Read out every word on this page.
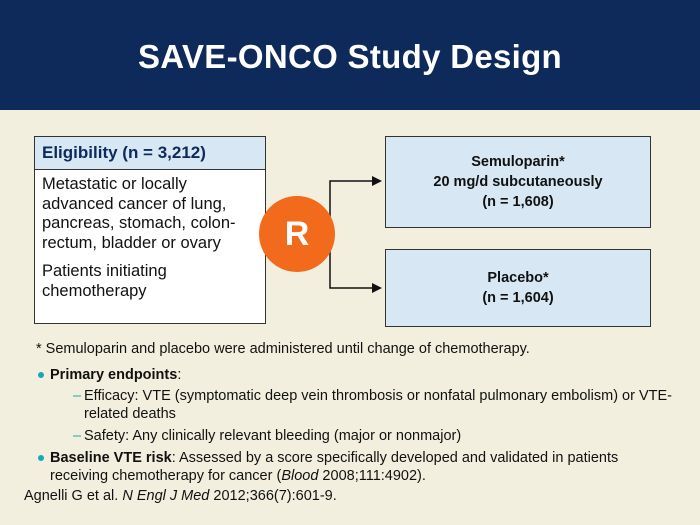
SAVE-ONCO Study Design
Eligibility (n = 3,212)

Metastatic or locally advanced cancer of lung, pancreas, stomach, colon-rectum, bladder or ovary

Patients initiating chemotherapy

R
Semuloparin*
20 mg/d subcutaneously
(n = 1,608)
Placebo*
(n = 1,604)
* Semuloparin and placebo were administered until change of chemotherapy.
Primary endpoints:
– Efficacy: VTE (symptomatic deep vein thrombosis or nonfatal pulmonary embolism) or VTE-related deaths
– Safety: Any clinically relevant bleeding (major or nonmajor)
Baseline VTE risk: Assessed by a score specifically developed and validated in patients receiving chemotherapy for cancer (Blood 2008;111:4902).
Agnelli G et al. N Engl J Med 2012;366(7):601-9.
